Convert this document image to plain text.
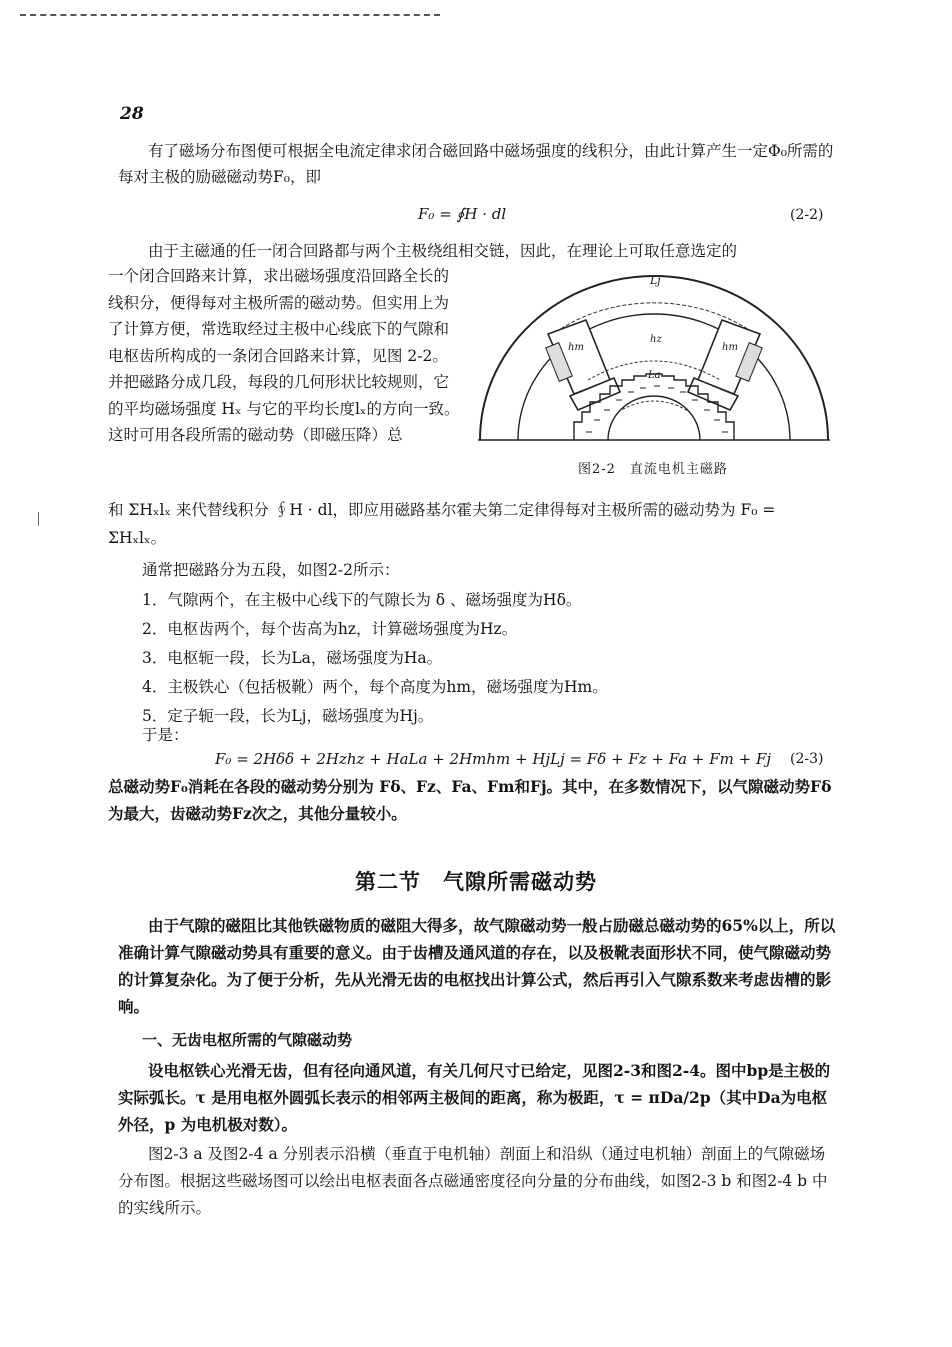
28

有了磁场分布图便可根据全电流定律求闭合磁回路中磁场强度的线积分，由此计算产生一定Φ₀所需的每对主极的励磁磁动势F₀，即

F₀ = ∮H · dl	(2-2)

由于主磁通的任一闭合回路都与两个主极绕组相交链，因此，在理论上可取任意选定的

一个闭合回路来计算，求出磁场强度沿回路全长的线积分，便得每对主极所需的磁动势。但实用上为了计算方便，常选取经过主极中心线底下的气隙和电枢齿所构成的一条闭合回路来计算，见图 2-2。并把磁路分成几段，每段的几何形状比较规则，它的平均磁场强度 Hₓ 与它的平均长度lₓ的方向一致。这时可用各段所需的磁动势（即磁压降）总

Lj
hm	hm
hz
La
图2-2　直流电机主磁路

和 ΣHₓlₓ 来代替线积分 ∮H · dl，即应用磁路基尔霍夫第二定律得每对主极所需的磁动势为 F₀ = ΣHₓlₓ。

通常把磁路分为五段，如图2-2所示：

1．气隙两个，在主极中心线下的气隙长为 δ 、磁场强度为Hδ。
2．电枢齿两个，每个齿高为hz，计算磁场强度为Hz。
3．电枢轭一段，长为La，磁场强度为Ha。
4．主极铁心（包括极靴）两个，每个高度为hm，磁场强度为Hm。
5．定子轭一段，长为Lj，磁场强度为Hj。
于是：
F₀ = 2Hδδ + 2Hzhz + HaLa + 2Hmhm + HjLj = Fδ + Fz + Fa + Fm + Fj (2-3)

总磁动势F₀消耗在各段的磁动势分别为 Fδ、Fz、Fa、Fm和Fj。其中，在多数情况下，以气隙磁动势Fδ为最大，齿磁动势Fz次之，其他分量较小。

第二节　气隙所需磁动势

由于气隙的磁阻比其他铁磁物质的磁阻大得多，故气隙磁动势一般占励磁总磁动势的65%以上，所以准确计算气隙磁动势具有重要的意义。由于齿槽及通风道的存在，以及极靴表面形状不同，使气隙磁动势的计算复杂化。为了便于分析，先从光滑无齿的电枢找出计算公式，然后再引入气隙系数来考虑齿槽的影响。

一、无齿电枢所需的气隙磁动势

设电枢铁心光滑无齿，但有径向通风道，有关几何尺寸已给定，见图2-3和图2-4。图中bp是主极的实际弧长。τ 是用电枢外圆弧长表示的相邻两主极间的距离，称为极距，τ = πDa/2p（其中Da为电枢外径，p 为电机极对数）。

图2-3 a 及图2-4 a 分别表示沿横（垂直于电机轴）剖面上和沿纵（通过电机轴）剖面上的气隙磁场分布图。根据这些磁场图可以绘出电枢表面各点磁通密度径向分量的分布曲线，如图2-3 b 和图2-4 b 中的实线所示。
